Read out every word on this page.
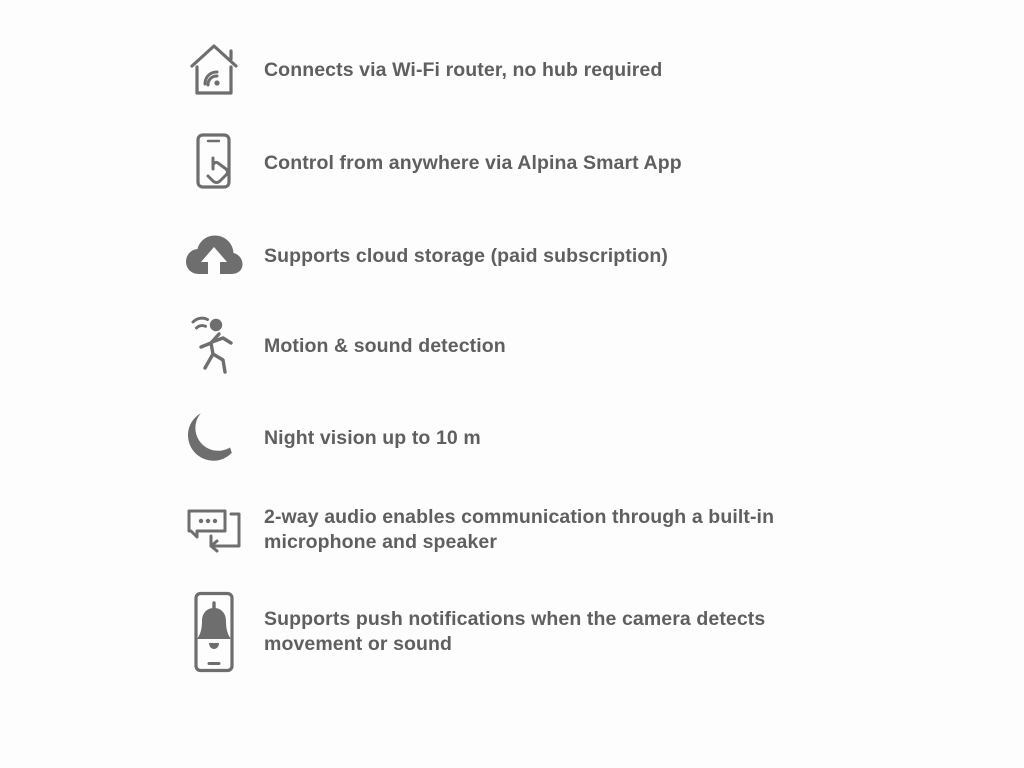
Connects via Wi-Fi router, no hub required
Control from anywhere via Alpina Smart App
Supports cloud storage (paid subscription)
Motion & sound detection
Night vision up to 10 m
2-way audio enables communication through a built-in microphone and speaker
Supports push notifications when the camera detects movement or sound
